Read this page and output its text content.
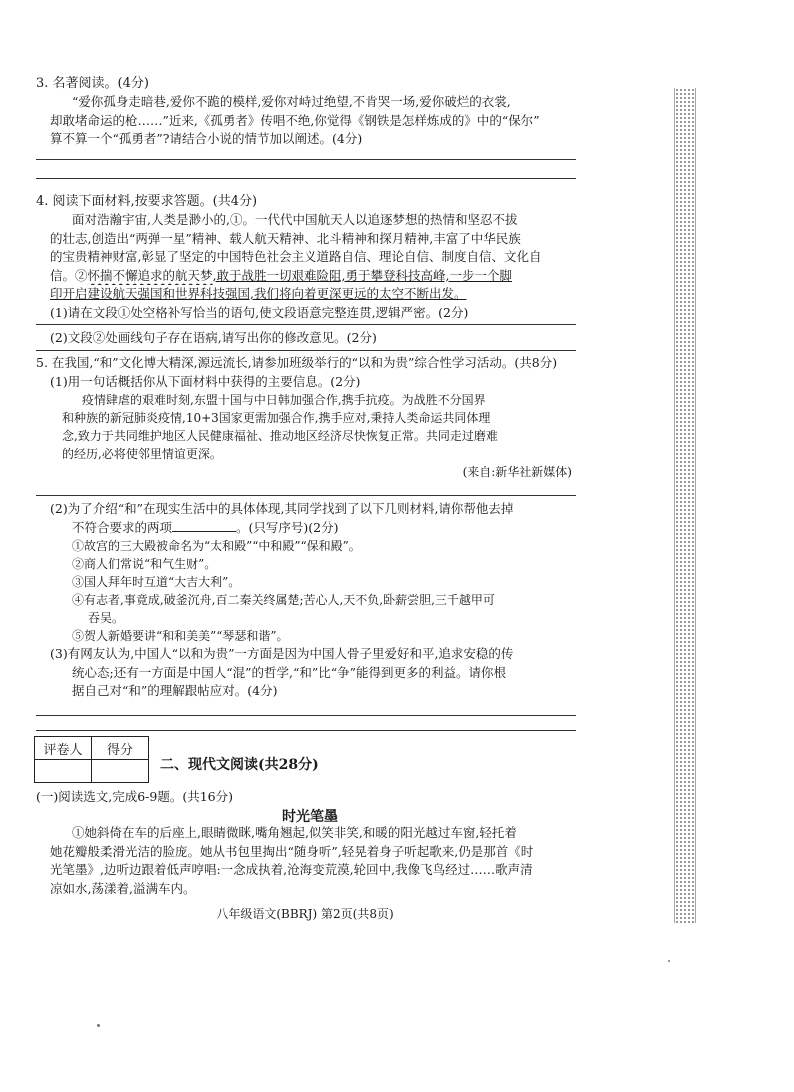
3. 名著阅读。(4分)
“爱你孤身走暗巷,爱你不跪的模样,爱你对峙过绝望,不肯哭一场,爱你破烂的衣裳,
却敢堵命运的枪……”近来,《孤勇者》传唱不绝,你觉得《钢铁是怎样炼成的》中的“保尔”
算不算一个“孤勇者”?请结合小说的情节加以阐述。(4分)
4. 阅读下面材料,按要求答题。(共4分)
面对浩瀚宇宙,人类是渺小的,①。一代代中国航天人以追逐梦想的热情和坚忍不拔
的壮志,创造出“两弹一星”精神、载人航天精神、北斗精神和探月精神,丰富了中华民族
的宝贵精神财富,彰显了坚定的中国特色社会主义道路自信、理论自信、制度自信、文化自
信。②怀揣不懈追求的航天梦,敢于战胜一切艰难险阻,勇于攀登科技高峰,一步一个脚
印开启建设航天强国和世界科技强国,我们将向着更深更远的太空不断出发。
(1)请在文段①处空格补写恰当的语句,使文段语意完整连贯,逻辑严密。(2分)
(2)文段②处画线句子存在语病,请写出你的修改意见。(2分)
5. 在我国,“和”文化博大精深,源远流长,请参加班级举行的“以和为贵”综合性学习活动。(共8分)
(1)用一句话概括你从下面材料中获得的主要信息。(2分)
疫情肆虐的艰难时刻,东盟十国与中日韩加强合作,携手抗疫。为战胜不分国界
和种族的新冠肺炎疫情,10+3国家更需加强合作,携手应对,秉持人类命运共同体理
念,致力于共同维护地区人民健康福祉、推动地区经济尽快恢复正常。共同走过磨难
的经历,必将使邻里情谊更深。
(来自:新华社新媒体)
(2)为了介绍“和”在现实生活中的具体体现,其同学找到了以下几则材料,请你帮他去掉
不符合要求的两项	。(只写序号)(2分)
①故宫的三大殿被命名为“太和殿”“中和殿”“保和殿”。
②商人们常说“和气生财”。
③国人拜年时互道“大吉大利”。
④有志者,事竟成,破釜沉舟,百二秦关终属楚;苦心人,天不负,卧薪尝胆,三千越甲可
吞吴。
⑤贺人新婚要讲“和和美美”“琴瑟和谐”。
(3)有网友认为,中国人“以和为贵”一方面是因为中国人骨子里爱好和平,追求安稳的传
统心态;还有一方面是中国人“混”的哲学,“和”比“争”能得到更多的利益。请你根
据自己对“和”的理解跟帖应对。(4分)
评卷人	得分

二、现代文阅读(共28分)
(一)阅读选文,完成6-9题。(共16分)
时光笔墨
①她斜倚在车的后座上,眼睛微眯,嘴角翘起,似笑非笑,和暖的阳光越过车窗,轻托着
她花瓣般柔滑光洁的脸庞。她从书包里掏出“随身听”,轻晃着身子听起歌来,仍是那首《时
光笔墨》,边听边跟着低声哼唱:一念成执着,沧海变荒漠,轮回中,我像飞鸟经过……歌声清
凉如水,荡漾着,溢满车内。
八年级语文(BBRJ) 第2页(共8页)
